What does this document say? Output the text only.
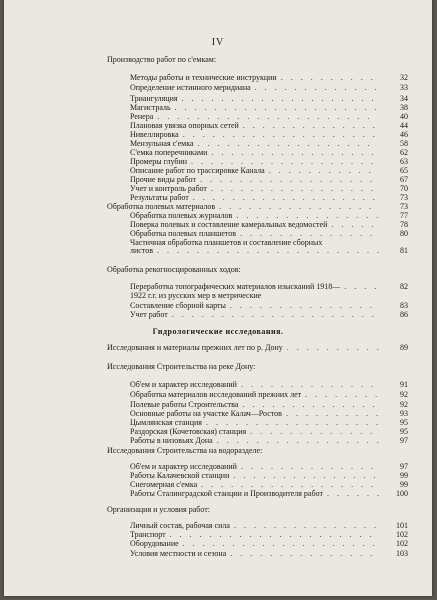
IV
Производство работ по с'емкам:
Методы работы и технические инструкции . . . . . . . . . .	32
Определение истинного меридиана . . . . . . . . . . . . .	33
Триангуляция . . . . . . . . . . . . . . . . . . . .	34
Магистраль . . . . . . . . . . . . . . . . . . . . .	38
Ренера . . . . . . . . . . . . . . . . . . . . . .	40
Плановая увязка опорных сетей . . . . . . . . . . . . . .	44
Нивеллировка . . . . . . . . . . . . . . . . . . . .	46
Мензульная с'емка . . . . . . . . . . . . . . . . . .	58
С'емка поперечниками . . . . . . . . . . . . . . . . .	62
Промеры глубин . . . . . . . . . . . . . . . . . . .	63
Описание работ по трассировке Канала . . . . . . . . . . .	65
Прочие виды работ . . . . . . . . . . . . . . . . . .	67
Учет и контроль работ . . . . . . . . . . . . . . . . .	70
Результаты работ . . . . . . . . . . . . . . . . . . .	73
Обработка полевых материалов . . . . . . . . . . . . . . . .	73
Обработка полевых журналов . . . . . . . . . . . . . . .	77
Поверка полевых и составление камеральных ведомостей . . . . .	78
Обработка полевых планшетов . . . . . . . . . . . . . .	80
Частичная обработка планшетов и составление сборных
листов . . . . . . . . . . . . . . . . . . . . . . .	81
Обработка рекогносцированных ходов:
Переработка топографических материалов изысканий 1918— . . . .	82
1922 г.г. из русских мер в метрические
Составление сборной карты . . . . . . . . . . . . . . .	83
Учет работ . . . . . . . . . . . . . . . . . . . . .	86
Гидрологические исследования.
Исследования и материалы прежних лет по р. Дону . . . . . . . . . .	89
Исследования Строительства на реке Дону:
Об'ем и характер исследований . . . . . . . . . . . . . .	91
Обработка материалов исследований прежних лет . . . . . . . .	92
Полевые работы Строительства . . . . . . . . . . . . . .	92
Основные работы на участке Калач—Ростов . . . . . . . . . .	93
Цымлянская станция . . . . . . . . . . . . . . . . . .	95
Раздорская (Кочетовская) станция . . . . . . . . . . . . .	95
Работы в низовьях Дона . . . . . . . . . . . . . . . . .	97
Исследования Строительства на водоразделе:
Об'ем и характер исследований . . . . . . . . . . . . . .	97
Работы Калачевской станции . . . . . . . . . . . . . . .	99
Снегомерная с'емка . . . . . . . . . . . . . . . . . .	99
Работы Сталинградской станции и Производителя работ . . . . . .	100
Организация и условия работ:
Личный состав, рабочая сила . . . . . . . . . . . . . . .	101
Транспорт . . . . . . . . . . . . . . . . . . . . .	102
Оборудование . . . . . . . . . . . . . . . . . . . .	102
Условия местности и сезона . . . . . . . . . . . . . . .	103
